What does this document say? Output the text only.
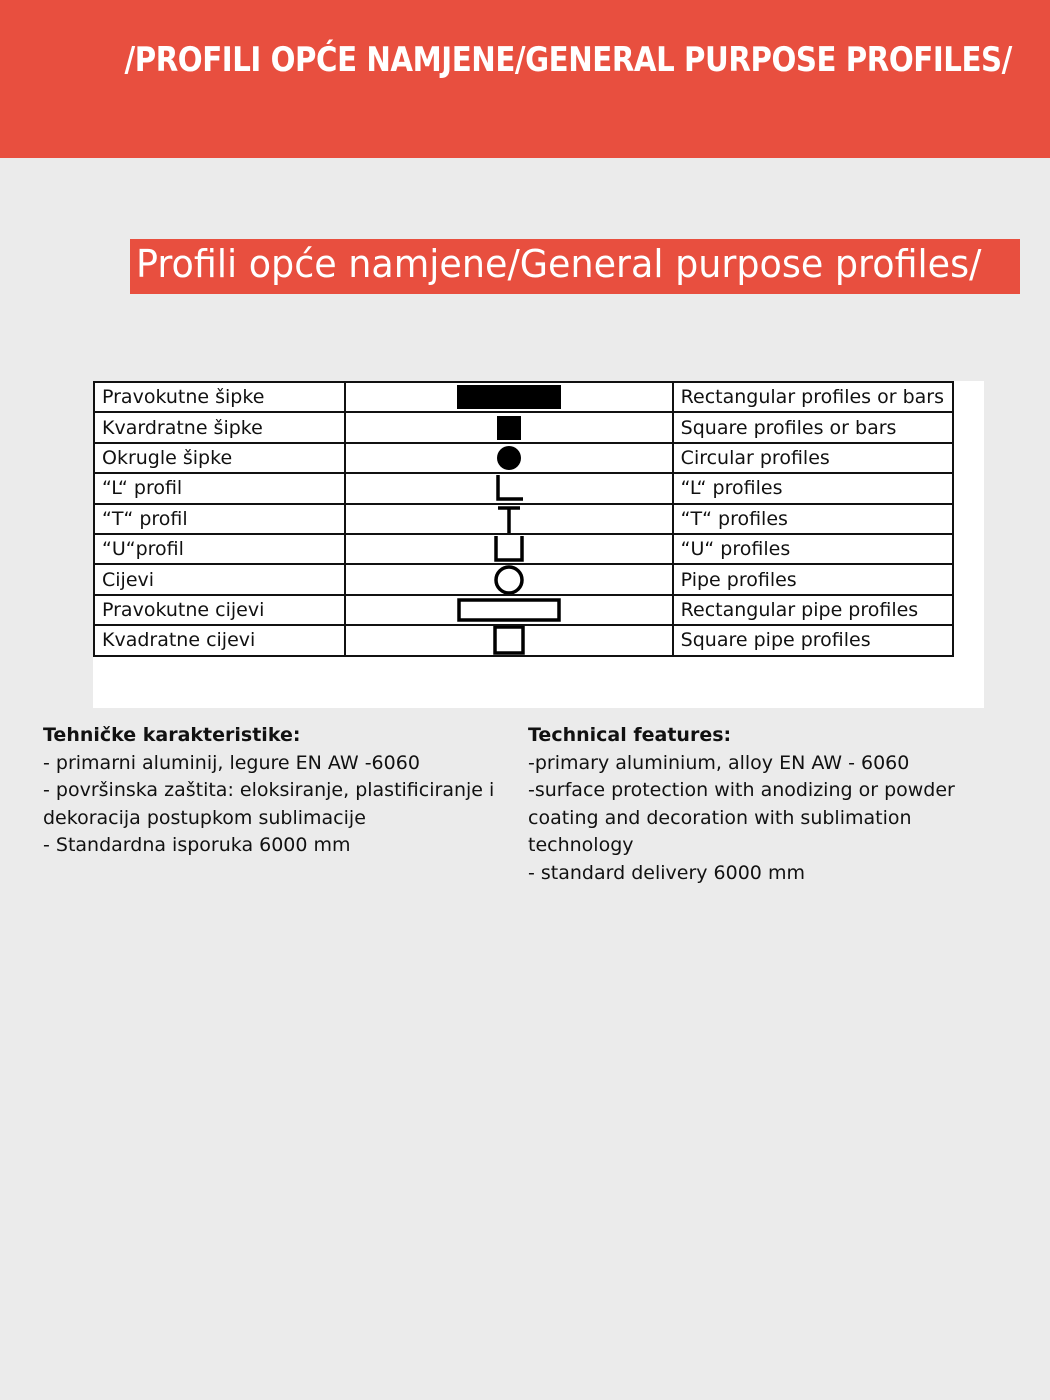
/PROFILI OPĆE NAMJENE/GENERAL PURPOSE PROFILES/
Profili opće namjene/General purpose profiles/
Pravokutne šipke		Rectangular profiles or bars
Kvardratne šipke		Square profiles or bars
Okrugle šipke		Circular profiles
“L“ profil		“L“ profiles
“T“ profil		“T“ profiles
“U“profil		“U“ profiles
Cijevi		Pipe profiles
Pravokutne cijevi		Rectangular pipe profiles
Kvadratne cijevi		Square pipe profiles
Tehničke karakteristike:
- primarni aluminij, legure EN AW -6060
- površinska zaštita: eloksiranje, plastificiranje i
dekoracija postupkom sublimacije
- Standardna isporuka 6000 mm
Technical features:
-primary aluminium, alloy EN AW - 6060
-surface protection with anodizing or powder
coating and decoration with sublimation
technology
- standard delivery 6000 mm
